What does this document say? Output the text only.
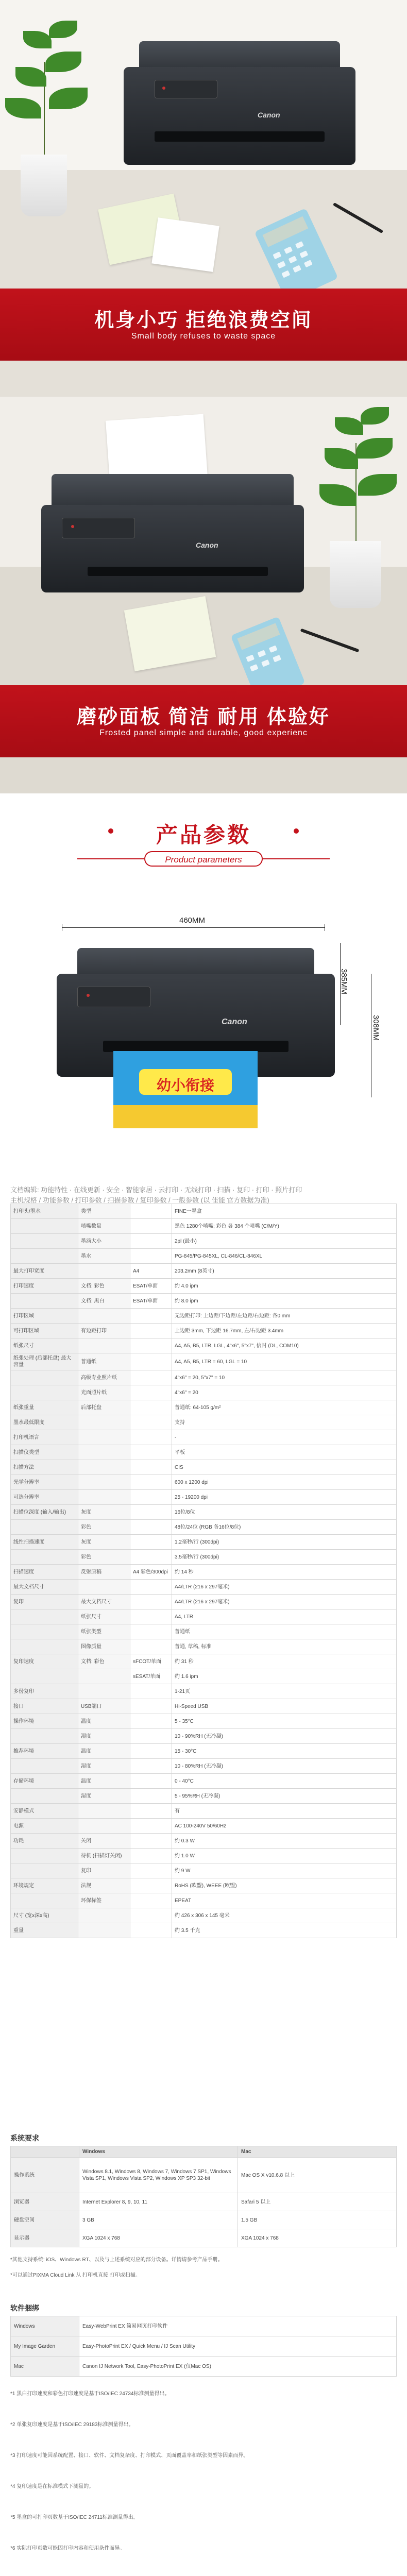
Canon
机身小巧 拒绝浪费空间
Small body refuses to waste space
Canon
磨砂面板 简洁 耐用 体验好
Frosted panel simple and durable, good experienc
产品参数
Product parameters
460MM
385MM
308MM
Canon
幼小衔接
文档编辑: 功能特性 · 在线更新 · 安全 · 智能家居 · 云打印 · 无线打印 · 扫描 · 复印 · 打印 · 照片打印
主机规格 / 功能参数 / 打印参数 / 扫描参数 / 复印参数 / 一般参数 (以 佳能 官方数据为准)
打印头/墨水	类型		FINE一墨盒
	喷嘴数量		黑色 1280个喷嘴; 彩色 各 384 个喷嘴 (C/M/Y)
	墨滴大小		2pl (最小)
	墨水		PG-845/PG-845XL, CL-846/CL-846XL
最大打印宽度		A4	203.2mm (8英寸)
打印速度	文档: 彩色	ESAT/单面	约 4.0 ipm
	文档: 黑白	ESAT/单面	约 8.0 ipm
打印区域			无边距打印: 上边距/下边距/左边距/右边距: 各0 mm
可打印区域	有边距打印		上边距 3mm, 下边距 16.7mm, 左/右边距 3.4mm
纸张尺寸			A4, A5, B5, LTR, LGL, 4"x6", 5"x7", 信封 (DL, COM10)
纸张处理 (后部托盘) 最大容量	普通纸		A4, A5, B5, LTR = 60, LGL = 10
	高级专业照片纸		4"x6" = 20, 5"x7" = 10
	光面照片纸		4"x6" = 20
纸张重量	后部托盘		普通纸: 64-105 g/m²
墨水最低限度			支持
打印机语言			-
扫描仪类型			平板
扫描方法			CIS
光学分辨率			600 x 1200 dpi
可选分辨率			25 - 19200 dpi
扫描位深度 (输入/输出)	灰度		16位/8位
	彩色		48位/24位 (RGB 各16位/8位)
线性扫描速度	灰度		1.2毫秒/行 (300dpi)
	彩色		3.5毫秒/行 (300dpi)
扫描速度	反射原稿	A4 彩色/300dpi	约 14 秒
最大文档尺寸			A4/LTR (216 x 297毫米)
复印	最大文档尺寸		A4/LTR (216 x 297毫米)
	纸张尺寸		A4, LTR
	纸张类型		普通纸
	图像质量		普通, 草稿, 标准
复印速度	文档: 彩色	sFCOT/单面	约 31 秒
		sESAT/单面	约 1.6 ipm
多份复印			1-21页
接口	USB端口		Hi-Speed USB
操作环境	温度		5 - 35°C
	湿度		10 - 90%RH (无冷凝)
推荐环境	温度		15 - 30°C
	湿度		10 - 80%RH (无冷凝)
存储环境	温度		0 - 40°C
	湿度		5 - 95%RH (无冷凝)
安静模式			有
电源			AC 100-240V 50/60Hz
功耗	关闭		约 0.3 W
	待机 (扫描灯关闭)		约 1.0 W
	复印		约 9 W
环境规定	法规		RoHS (欧盟), WEEE (欧盟)
	环保标签		EPEAT
尺寸 (宽x深x高)			约 426 x 306 x 145 毫米
重量			约 3.5 千克
系统要求
	Windows	Mac
操作系统	Windows 8.1, Windows 8, Windows 7, Windows 7 SP1, Windows Vista SP1, Windows Vista SP2, Windows XP SP3 32-bit	Mac OS X v10.6.8 以上
浏览器	Internet Explorer 8, 9, 10, 11	Safari 5 以上
硬盘空间	3 GB	1.5 GB
显示器	XGA 1024 x 768	XGA 1024 x 768
*其他支持系统: iOS、Windows RT、以及与上述系统对应的部分设备。详情请参考产品手册。
*可以通过PIXMA Cloud Link 从 打印机直接 打印或扫描。
软件捆绑
Windows	Easy-WebPrint EX 简易网页打印软件
My Image Garden	Easy-PhotoPrint EX / Quick Menu / IJ Scan Utility
Mac	Canon IJ Network Tool, Easy-PhotoPrint EX (仅Mac OS)
*1 黑白打印速度和彩色打印速度是基于ISO/IEC 24734标准测量得出。
*2 单张复印速度是基于ISO/IEC 29183标准测量得出。
*3 打印速度可能因系统配置、接口、软件、文档复杂度、打印模式、页面覆盖率和纸张类型等因素而异。
*4 复印速度是在标准模式下测量的。
*5 墨盒的可打印页数基于ISO/IEC 24711标准测量得出。
*6 实际打印页数可能因打印内容和使用条件而异。
